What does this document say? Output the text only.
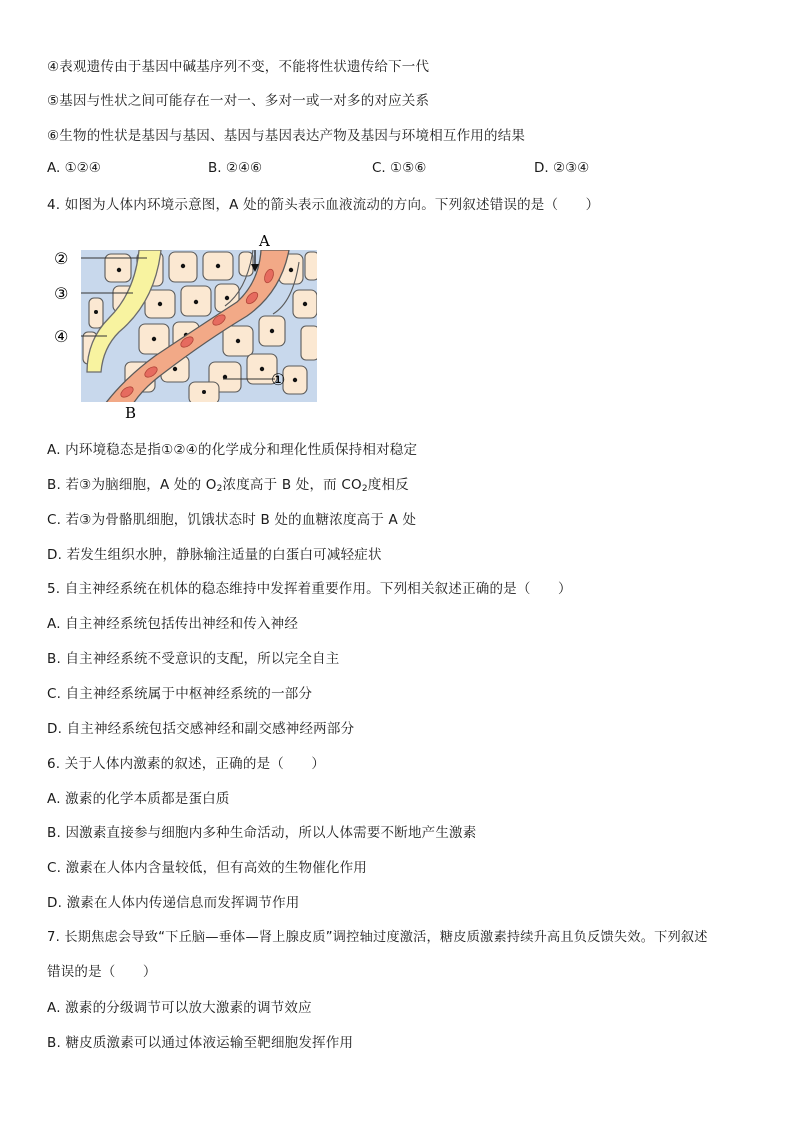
④表观遗传由于基因中碱基序列不变，不能将性状遗传给下一代
⑤基因与性状之间可能存在一对一、多对一或一对多的对应关系
⑥生物的性状是基因与基因、基因与基因表达产物及基因与环境相互作用的结果
A. ①②④	B. ②④⑥	C. ①⑤⑥	D. ②③④
4. 如图为人体内环境示意图，A 处的箭头表示血液流动的方向。下列叙述错误的是（　　）
②
③
④
①
A
B
A. 内环境稳态是指①②④的化学成分和理化性质保持相对稳定
B. 若③为脑细胞，A 处的 $O_2$浓度高于 B 处，而 $CO_2$度相反
C. 若③为骨骼肌细胞，饥饿状态时 B 处的血糖浓度高于 A 处
D. 若发生组织水肿，静脉输注适量的白蛋白可减轻症状
5. 自主神经系统在机体的稳态维持中发挥着重要作用。下列相关叙述正确的是（　　）
A. 自主神经系统包括传出神经和传入神经
B. 自主神经系统不受意识的支配，所以完全自主
C. 自主神经系统属于中枢神经系统的一部分
D. 自主神经系统包括交感神经和副交感神经两部分
6. 关于人体内激素的叙述，正确的是（　　）
A. 激素的化学本质都是蛋白质
B. 因激素直接参与细胞内多种生命活动，所以人体需要不断地产生激素
C. 激素在人体内含量较低，但有高效的生物催化作用
D. 激素在人体内传递信息而发挥调节作用
7. 长期焦虑会导致“下丘脑—垂体—肾上腺皮质”调控轴过度激活，糖皮质激素持续升高且负反馈失效。下列叙述
错误的是（　　）
A. 激素的分级调节可以放大激素的调节效应
B. 糖皮质激素可以通过体液运输至靶细胞发挥作用
